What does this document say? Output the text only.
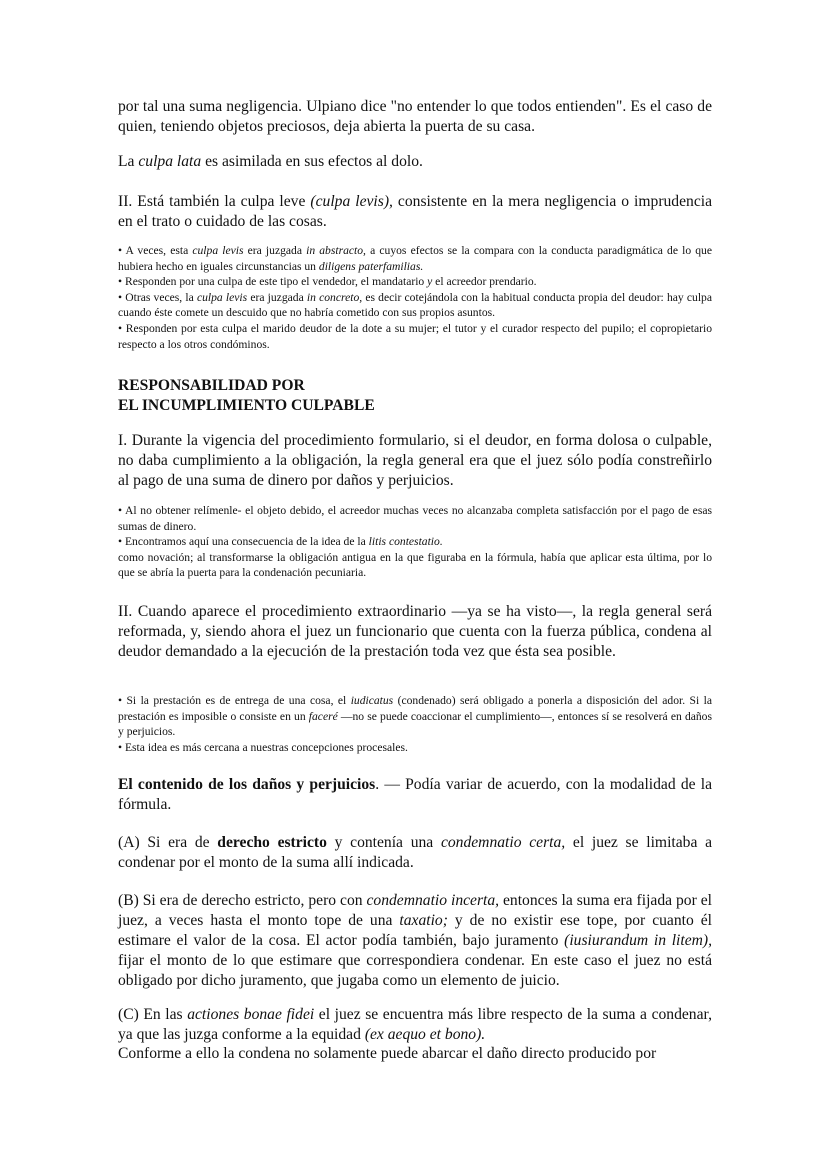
por tal una suma negligencia. Ulpiano dice "no entender lo que todos entienden". Es el caso de quien, teniendo objetos preciosos, deja abierta la puerta de su casa.

La culpa lata es asimilada en sus efectos al dolo.

II. Está también la culpa leve (culpa levis), consistente en la mera negligencia o imprudencia en el trato o cuidado de las cosas.

• A veces, esta culpa levis era juzgada in abstracto, a cuyos efectos se la compara con la conducta paradigmática de lo que hubiera hecho en iguales circunstancias un diligens paterfamilias.

• Responden por una culpa de este tipo el vendedor, el mandatario y el acreedor prendario.

• Otras veces, la culpa levis era juzgada in concreto, es decir cotejándola con la habitual conducta propia del deudor: hay culpa cuando éste comete un descuido que no habría cometido con sus propios asuntos.

• Responden por esta culpa el marido deudor de la dote a su mujer; el tutor y el curador respecto del pupilo; el copropietario respecto a los otros condóminos.

RESPONSABILIDAD POR

EL INCUMPLIMIENTO CULPABLE

I. Durante la vigencia del procedimiento formulario, si el deudor, en forma dolosa o culpable, no daba cumplimiento a la obligación, la regla general era que el juez sólo podía constreñirlo al pago de una suma de dinero por daños y perjuicios.

• Al no obtener relímenle- el objeto debido, el acreedor muchas veces no alcanzaba completa satisfacción por el pago de esas sumas de dinero.

• Encontramos aquí una consecuencia de la idea de la litis contestatio.

como novación; al transformarse la obligación antigua en la que figuraba en la fórmula, había que aplicar esta última, por lo que se abría la puerta para la condenación pecuniaria.

II. Cuando aparece el procedimiento extraordinario —ya se ha visto—, la regla general será reformada, y, siendo ahora el juez un funcionario que cuenta con la fuerza pública, condena al deudor demandado a la ejecución de la prestación toda vez que ésta sea posible.

• Si la prestación es de entrega de una cosa, el iudicatus (condenado) será obligado a ponerla a disposición del ador. Si la prestación es imposible o consiste en un faceré —no se puede coaccionar el cumplimiento—, entonces sí se resolverá en daños y perjuicios.

• Esta idea es más cercana a nuestras concepciones procesales.

El contenido de los daños y perjuicios. — Podía variar de acuerdo, con la modalidad de la fórmula.

(A) Si era de derecho estricto y contenía una condemnatio certa, el juez se limitaba a condenar por el monto de la suma allí indicada.

(B) Si era de derecho estricto, pero con condemnatio incerta, entonces la suma era fijada por el juez, a veces hasta el monto tope de una taxatio; y de no existir ese tope, por cuanto él estimare el valor de la cosa. El actor podía también, bajo juramento (iusiurandum in litem), fijar el monto de lo que estimare que correspondiera condenar. En este caso el juez no está obligado por dicho juramento, que jugaba como un elemento de juicio.

(C) En las actiones bonae fidei el juez se encuentra más libre respecto de la suma a condenar, ya que las juzga conforme a la equidad (ex aequo et bono).

Conforme a ello la condena no solamente puede abarcar el daño directo producido por
